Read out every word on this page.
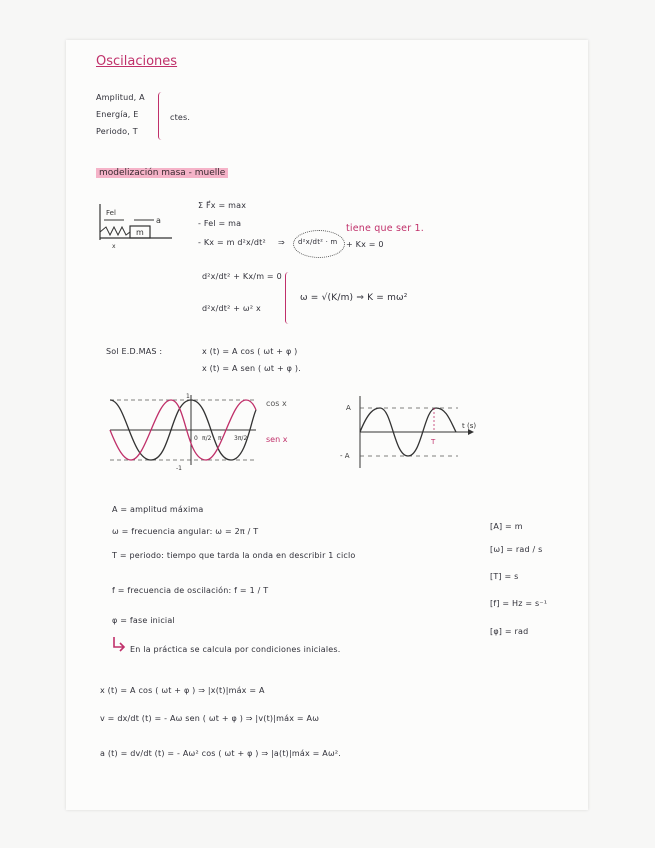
Oscilaciones
Amplitud, A
Energía, E
Periodo, T
ctes.
modelización masa - muelle
Fel
a
m
x
Σ F⃗x = max
- Fel = ma
- Kx = m d²x/dt² ⇒ d²x/dt² · m + Kx = 0
tiene que ser 1.
d²x/dt² + Kx/m = 0
d²x/dt² + ω² x
ω = √(K/m) ⇒ K = mω²
Sol E.D.MAS :	x (t) = A cos ( ωt + φ )
x (t) = A sen ( ωt + φ ).
0 π/2 π 3π/2
1
-1
cos x
sen x
A
- A
T
t (s)
A = amplitud máxima
ω = frecuencia angular: ω = 2π / T
T = periodo: tiempo que tarda la onda en describir 1 ciclo
f = frecuencia de oscilación: f = 1 / T
φ = fase inicial
[A] = m
[ω] = rad / s
[T] = s
[f] = Hz = s⁻¹
[φ] = rad
En la práctica se calcula por condiciones iniciales.
x (t) = A cos ( ωt + φ ) ⇒ |x(t)|máx = A
v = dx/dt (t) = - Aω sen ( ωt + φ ) ⇒ |v(t)|máx = Aω
a (t) = dv/dt (t) = - Aω² cos ( ωt + φ ) ⇒ |a(t)|máx = Aω².
